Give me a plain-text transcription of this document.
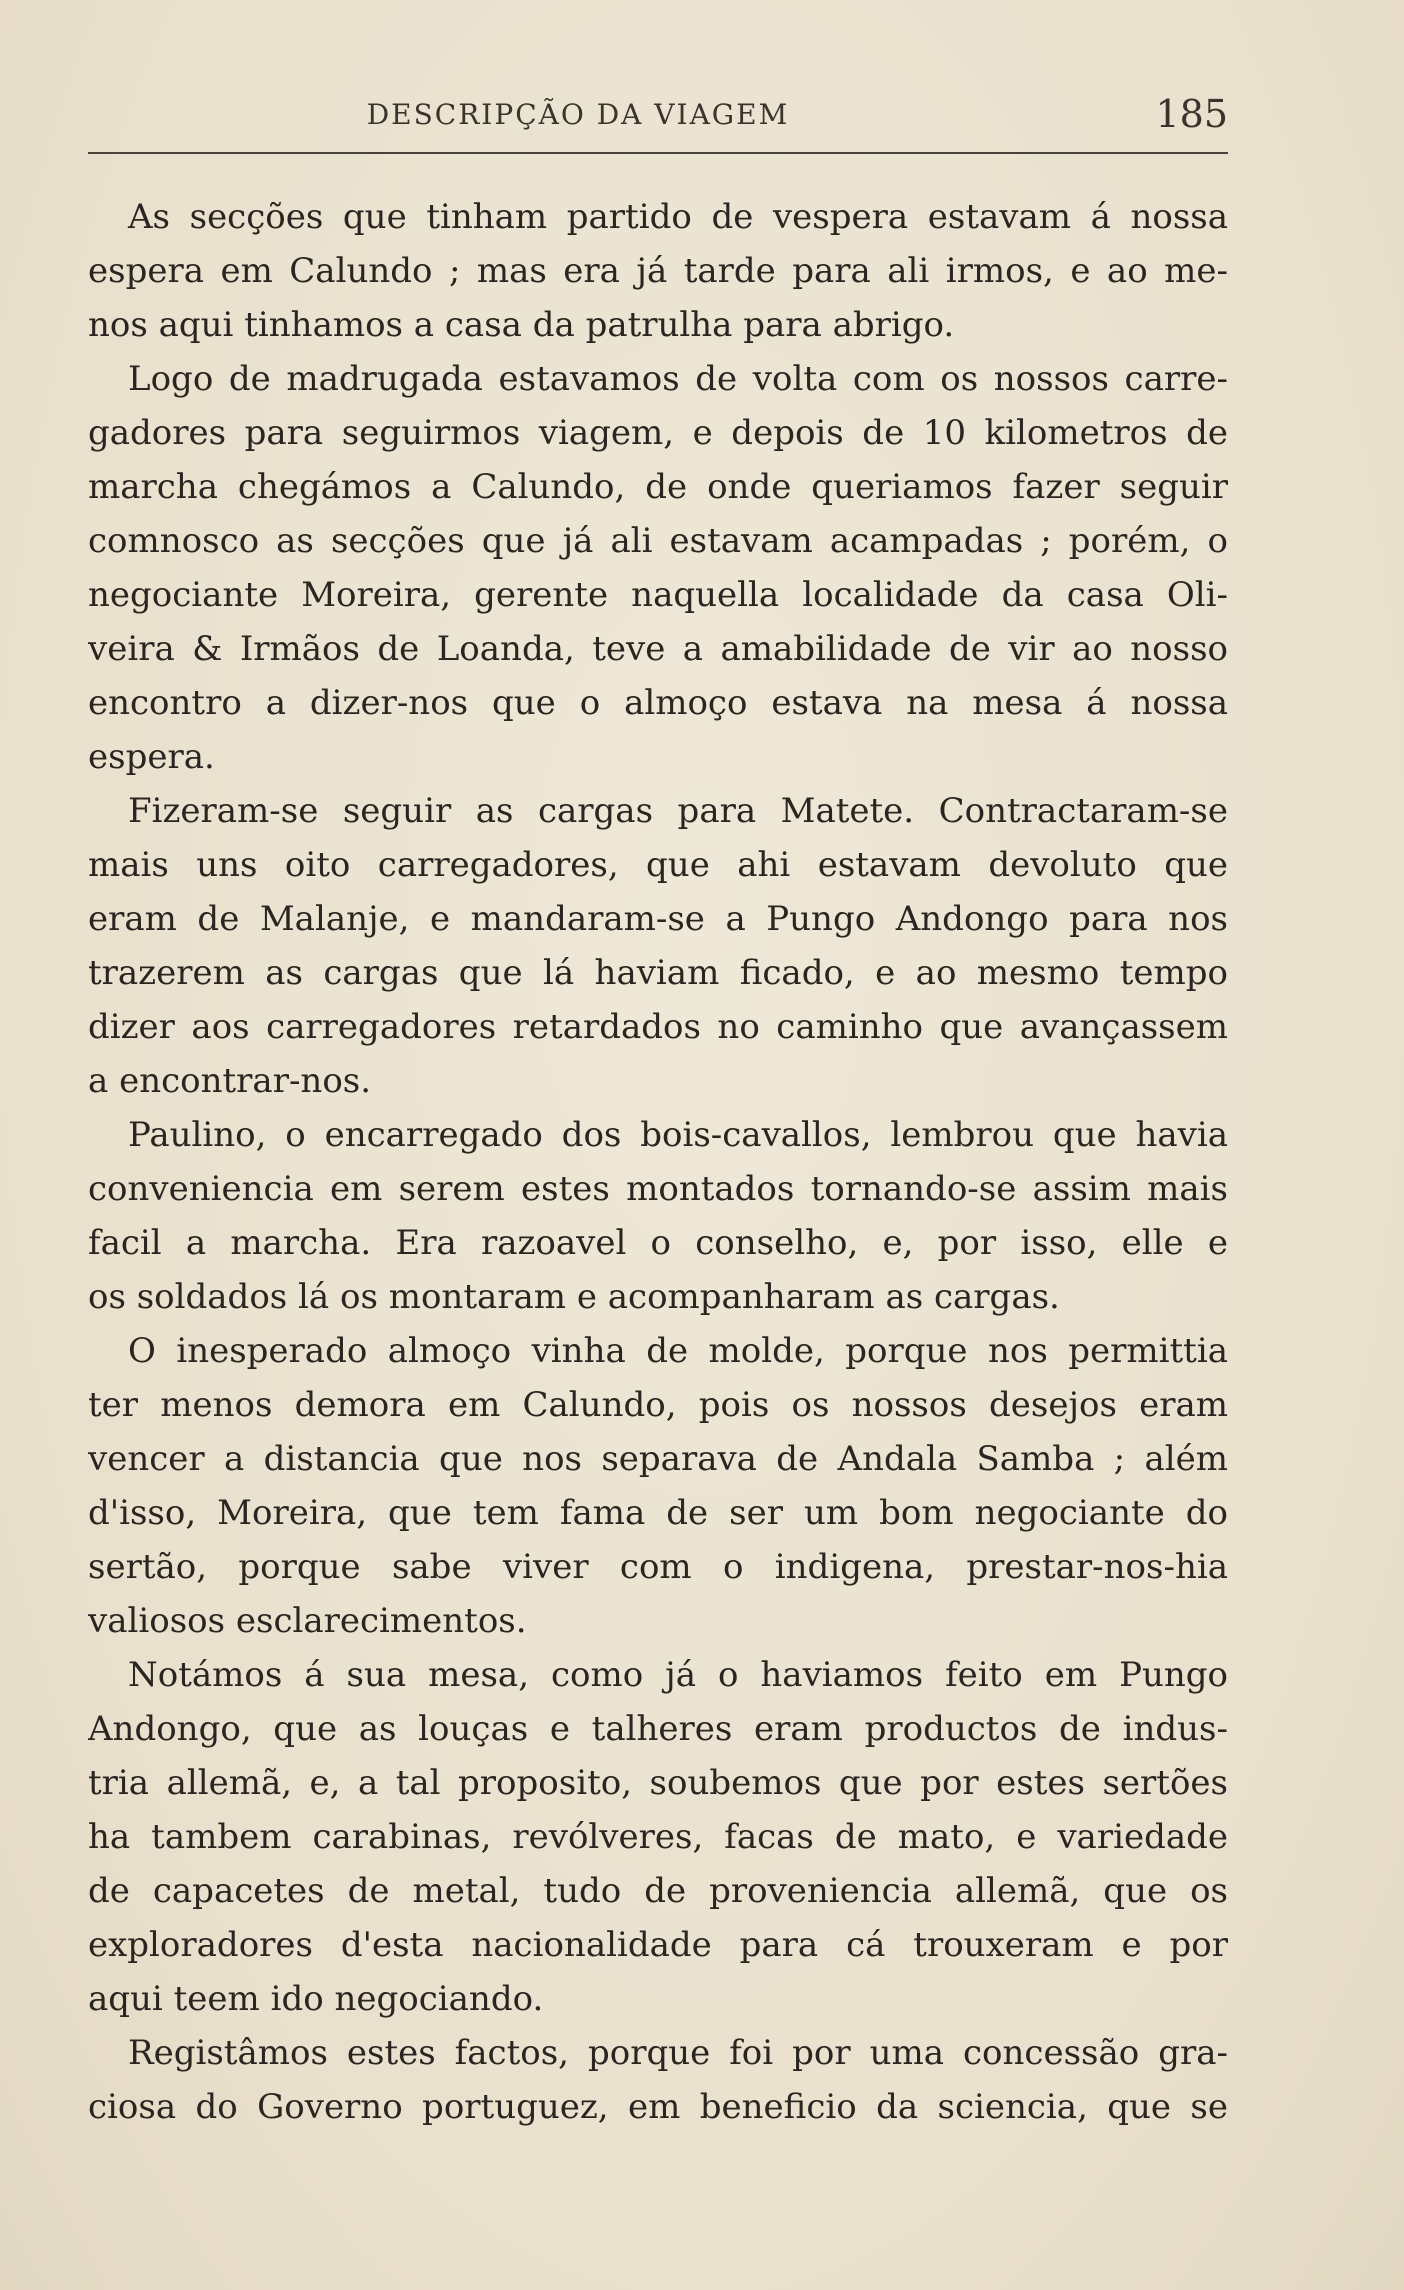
DESCRIPÇÃO DA VIAGEM	185
As secções que tinham partido de vespera estavam á nossa
espera em Calundo ; mas era já tarde para ali irmos, e ao me-
nos aqui tinhamos a casa da patrulha para abrigo.
Logo de madrugada estavamos de volta com os nossos carre-
gadores para seguirmos viagem, e depois de 10 kilometros de
marcha chegámos a Calundo, de onde queriamos fazer seguir
comnosco as secções que já ali estavam acampadas ; porém, o
negociante Moreira, gerente naquella localidade da casa Oli-
veira & Irmãos de Loanda, teve a amabilidade de vir ao nosso
encontro a dizer-nos que o almoço estava na mesa á nossa
espera.
Fizeram-se seguir as cargas para Matete. Contractaram-se
mais uns oito carregadores, que ahi estavam devoluto que
eram de Malanje, e mandaram-se a Pungo Andongo para nos
trazerem as cargas que lá haviam ficado, e ao mesmo tempo
dizer aos carregadores retardados no caminho que avançassem
a encontrar-nos.
Paulino, o encarregado dos bois-cavallos, lembrou que havia
conveniencia em serem estes montados tornando-se assim mais
facil a marcha. Era razoavel o conselho, e, por isso, elle e
os soldados lá os montaram e acompanharam as cargas.
O inesperado almoço vinha de molde, porque nos permittia
ter menos demora em Calundo, pois os nossos desejos eram
vencer a distancia que nos separava de Andala Samba ; além
d'isso, Moreira, que tem fama de ser um bom negociante do
sertão, porque sabe viver com o indigena, prestar-nos-hia
valiosos esclarecimentos.
Notámos á sua mesa, como já o haviamos feito em Pungo
Andongo, que as louças e talheres eram productos de indus-
tria allemã, e, a tal proposito, soubemos que por estes sertões
ha tambem carabinas, revólveres, facas de mato, e variedade
de capacetes de metal, tudo de proveniencia allemã, que os
exploradores d'esta nacionalidade para cá trouxeram e por
aqui teem ido negociando.
Registâmos estes factos, porque foi por uma concessão gra-
ciosa do Governo portuguez, em beneficio da sciencia, que se
